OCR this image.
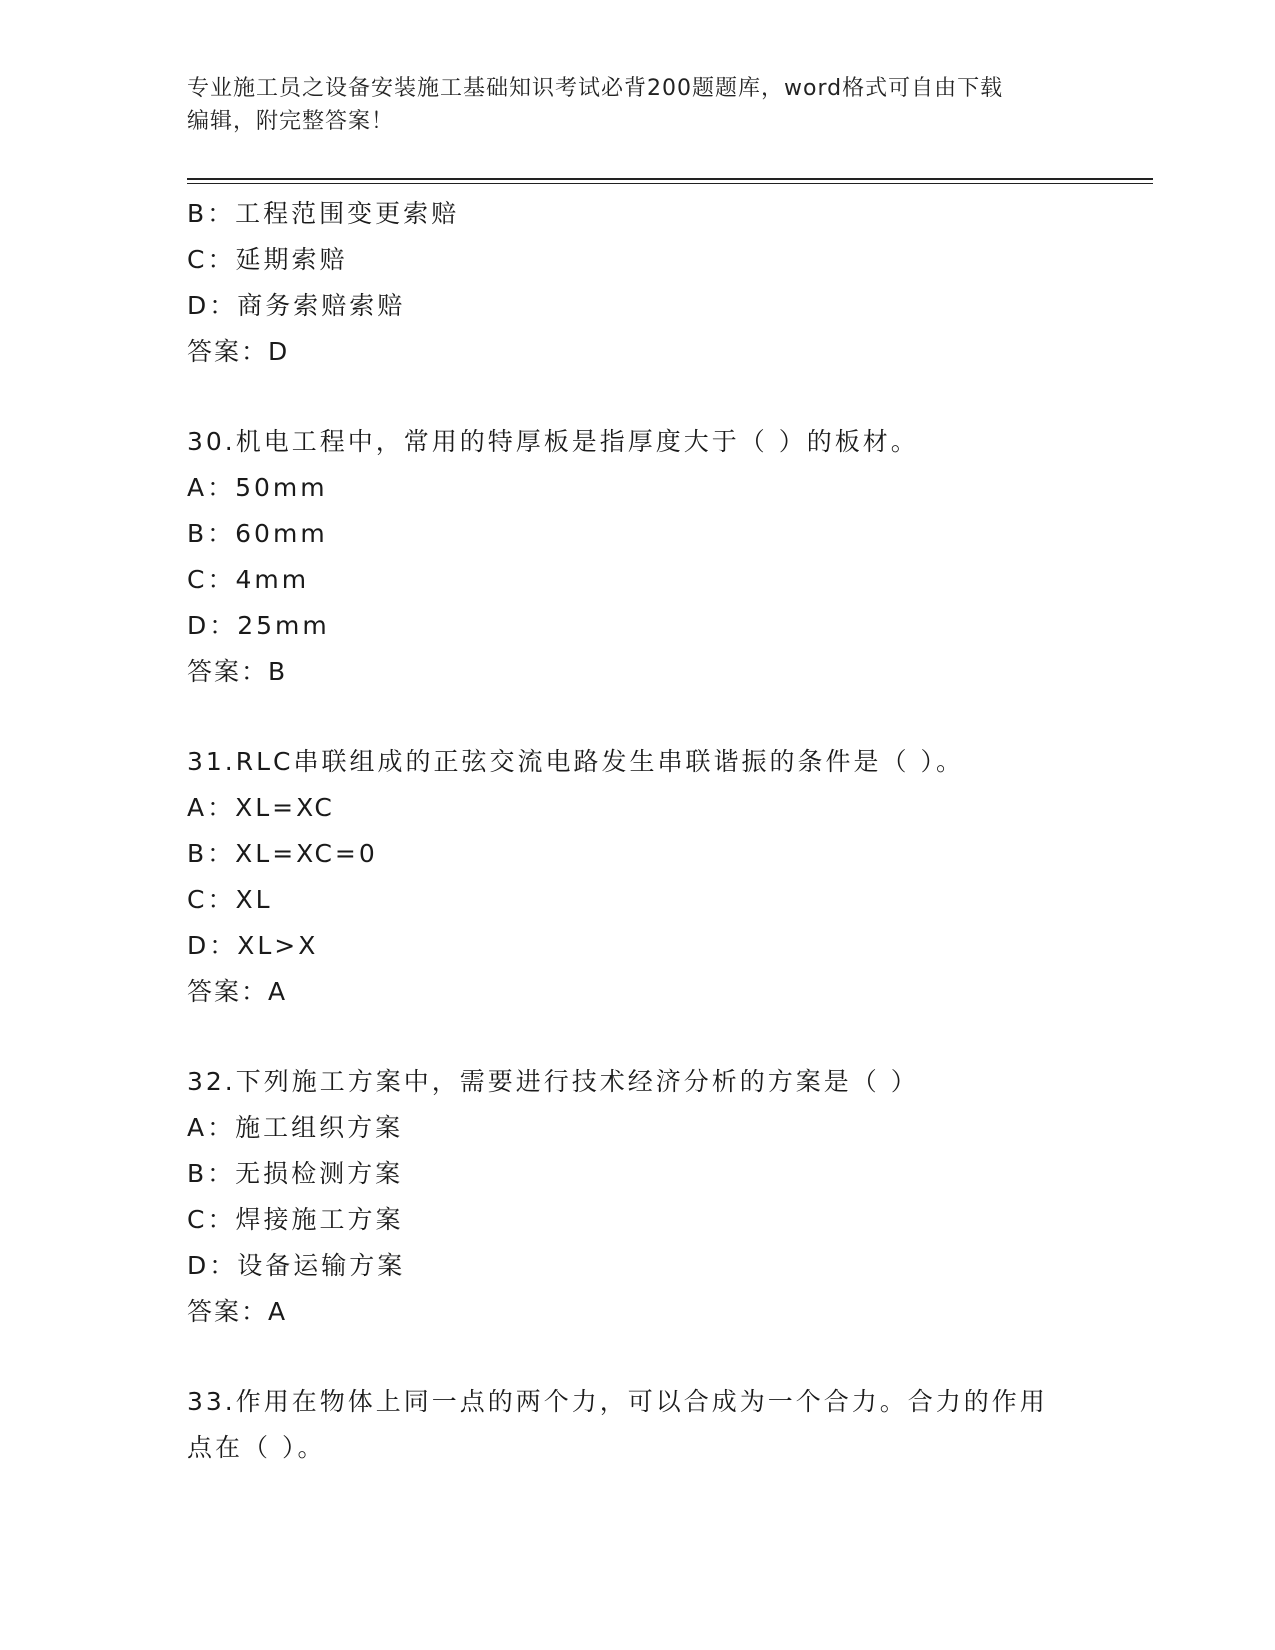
专业施工员之设备安装施工基础知识考试必背200题题库，word格式可自由下载
编辑，附完整答案！
B：工程范围变更索赔
C：延期索赔
D：商务索赔索赔
答案：D
30.机电工程中，常用的特厚板是指厚度大于（ ）的板材。
A：50mm
B：60mm
C：4mm
D：25mm
答案：B
31.RLC串联组成的正弦交流电路发生串联谐振的条件是（ ）。
A：XL=XC
B：XL=XC=0
C：XL
D：XL>X
答案：A
32.下列施工方案中，需要进行技术经济分析的方案是（ ）
A：施工组织方案
B：无损检测方案
C：焊接施工方案
D：设备运输方案
答案：A
33.作用在物体上同一点的两个力，可以合成为一个合力。合力的作用
点在（ ）。
